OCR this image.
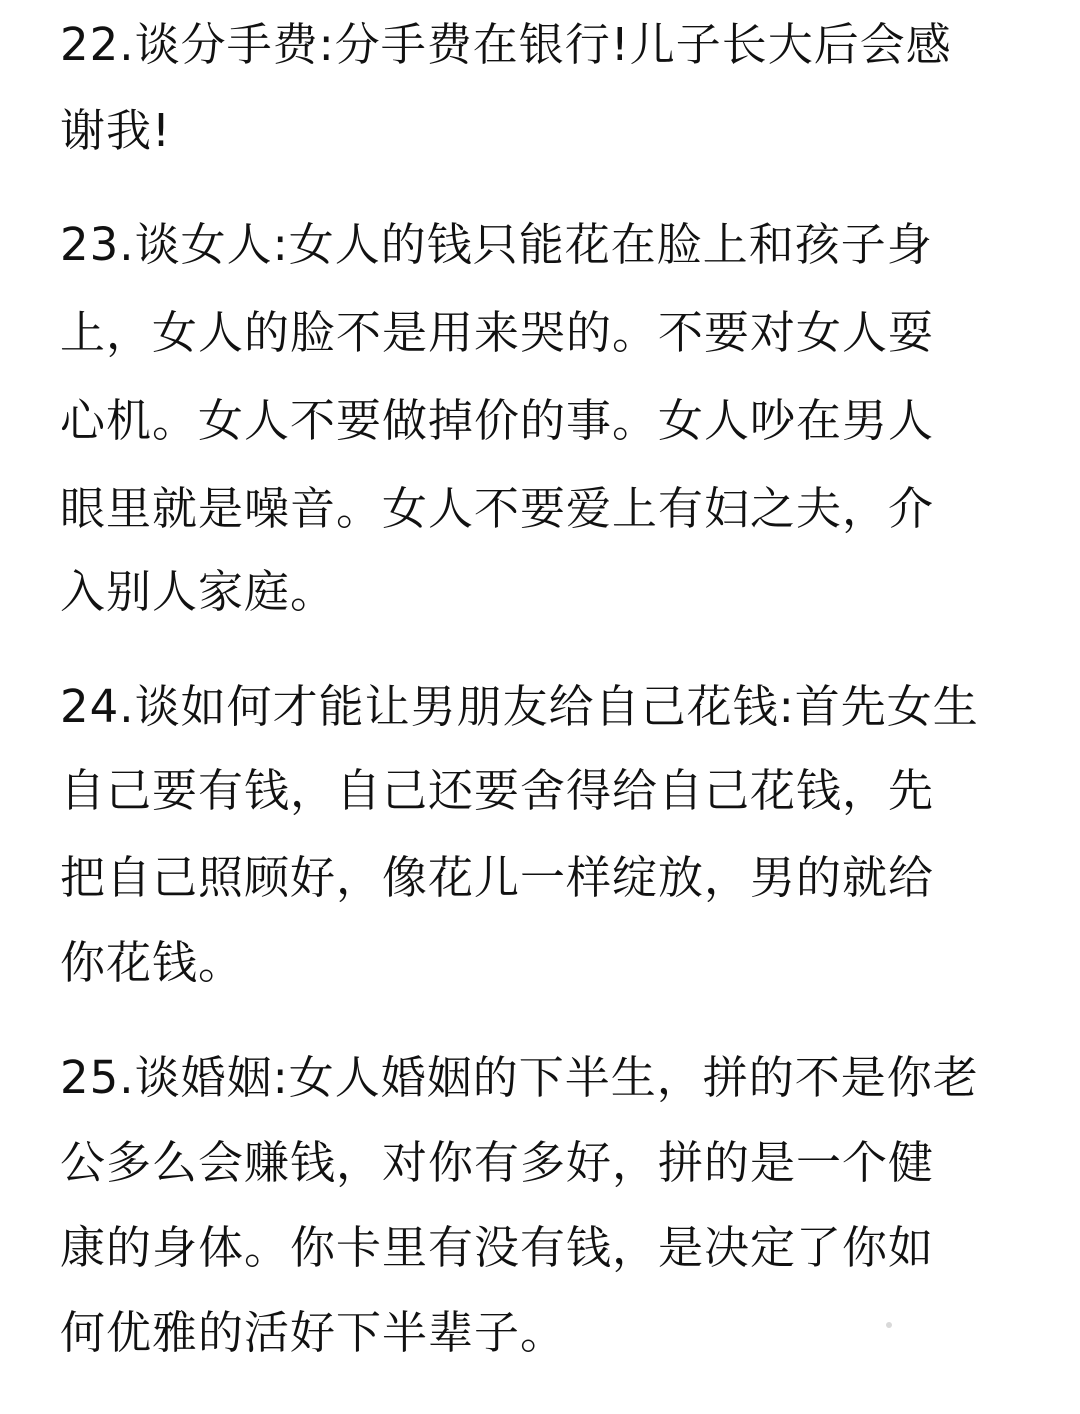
22.谈分手费:分手费在银行!儿子长大后会感
谢我!
23.谈女人:女人的钱只能花在脸上和孩子身
上，女人的脸不是用来哭的。不要对女人耍
心机。女人不要做掉价的事。女人吵在男人
眼里就是噪音。女人不要爱上有妇之夫，介
入别人家庭。
24.谈如何才能让男朋友给自己花钱:首先女生
自己要有钱，自己还要舍得给自己花钱，先
把自己照顾好，像花儿一样绽放，男的就给
你花钱。
25.谈婚姻:女人婚姻的下半生，拼的不是你老
公多么会赚钱，对你有多好，拼的是一个健
康的身体。你卡里有没有钱，是决定了你如
何优雅的活好下半辈子。
